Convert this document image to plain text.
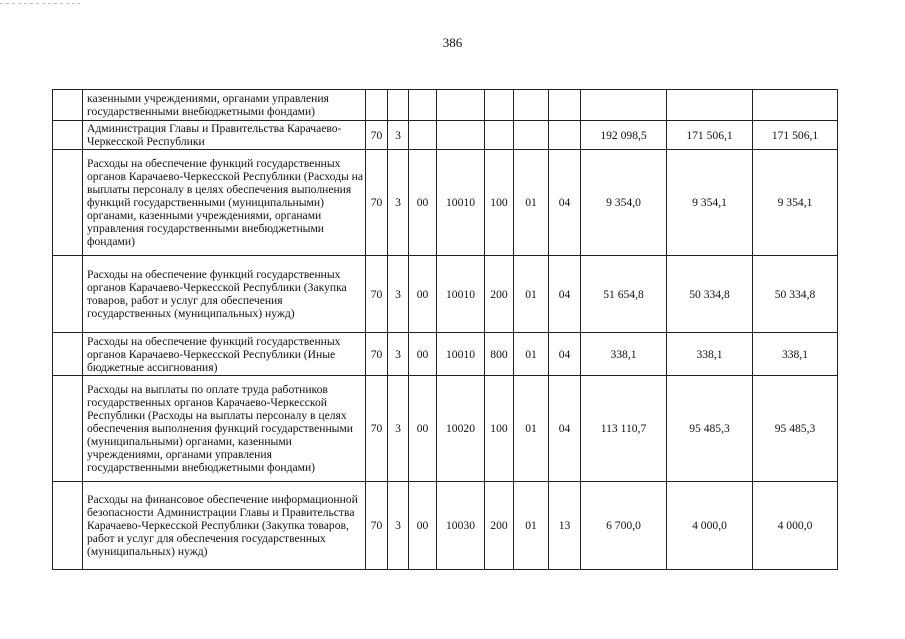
386
	казенными учреждениями, органами управления государственными внебюджетными фондами)										
	Администрация Главы и Правительства Карачаево-Черкесской Республики	70	3						192 098,5	171 506,1	171 506,1
	Расходы на обеспечение функций государственных органов Карачаево-Черкесской Республики (Расходы на выплаты персоналу в целях обеспечения выполнения функций государственными (муниципальными) органами, казенными учреждениями, органами управления государственными внебюджетными фондами)	70	3	00	10010	100	01	04	9 354,0	9 354,1	9 354,1
	Расходы на обеспечение функций государственных органов Карачаево-Черкесской Республики (Закупка товаров, работ и услуг для обеспечения государственных (муниципальных) нужд)	70	3	00	10010	200	01	04	51 654,8	50 334,8	50 334,8
	Расходы на обеспечение функций государственных органов Карачаево-Черкесской Республики (Иные бюджетные ассигнования)	70	3	00	10010	800	01	04	338,1	338,1	338,1
	Расходы на выплаты по оплате труда работников государственных органов Карачаево-Черкесской Республики (Расходы на выплаты персоналу в целях обеспечения выполнения функций государственными (муниципальными) органами, казенными учреждениями, органами управления государственными внебюджетными фондами)	70	3	00	10020	100	01	04	113 110,7	95 485,3	95 485,3
	Расходы на финансовое обеспечение информационной безопасности Администрации Главы и Правительства Карачаево-Черкесской Республики (Закупка товаров, работ и услуг для обеспечения государственных (муниципальных) нужд)	70	3	00	10030	200	01	13	6 700,0	4 000,0	4 000,0
